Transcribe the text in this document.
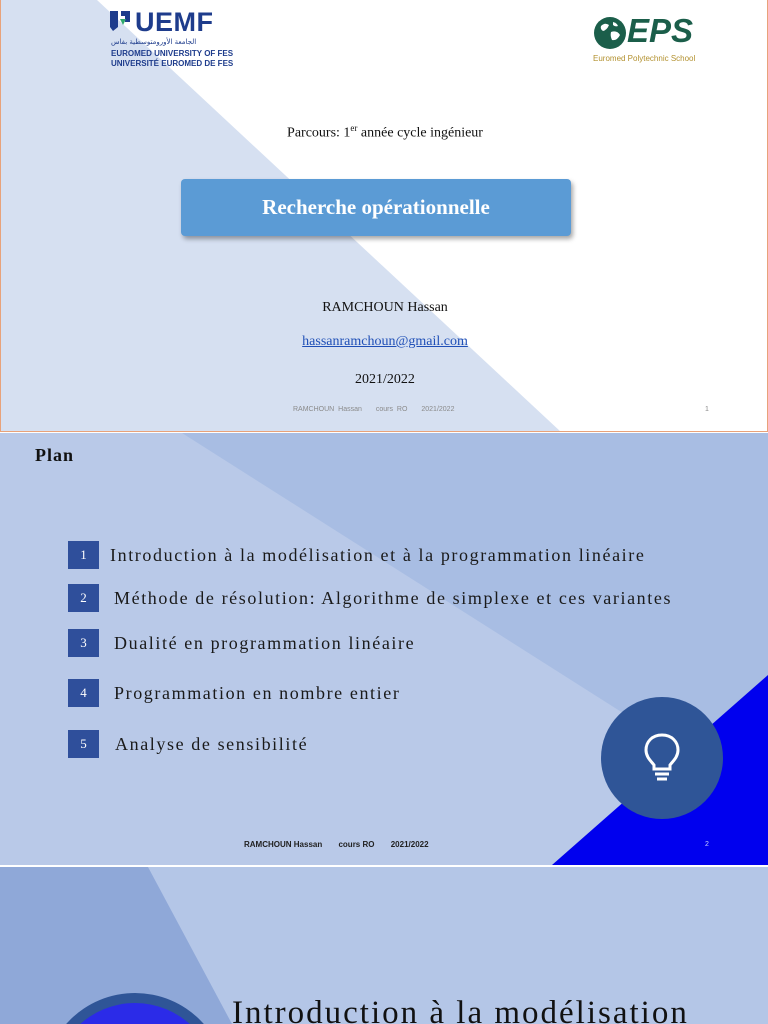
UEMF
الجامعة الأورومتوسطية بفاس
EUROMED UNIVERSITY OF FES
UNIVERSITÉ EUROMED DE FES
EPS
Euromed Polytechnic School
Parcours: 1er année cycle ingénieur
Recherche opérationnelle
RAMCHOUN Hassan
hassanramchoun@gmail.com
2021/2022
RAMCHOUN Hassan cours RO 2021/2022	1
Plan
1	Introduction à la modélisation et à la programmation linéaire
2	Méthode de résolution: Algorithme de simplexe et ces variantes
3	Dualité en programmation linéaire
4	Programmation en nombre entier
5	Analyse de sensibilité
RAMCHOUN Hassan cours RO 2021/2022	2
Introduction à la modélisation
